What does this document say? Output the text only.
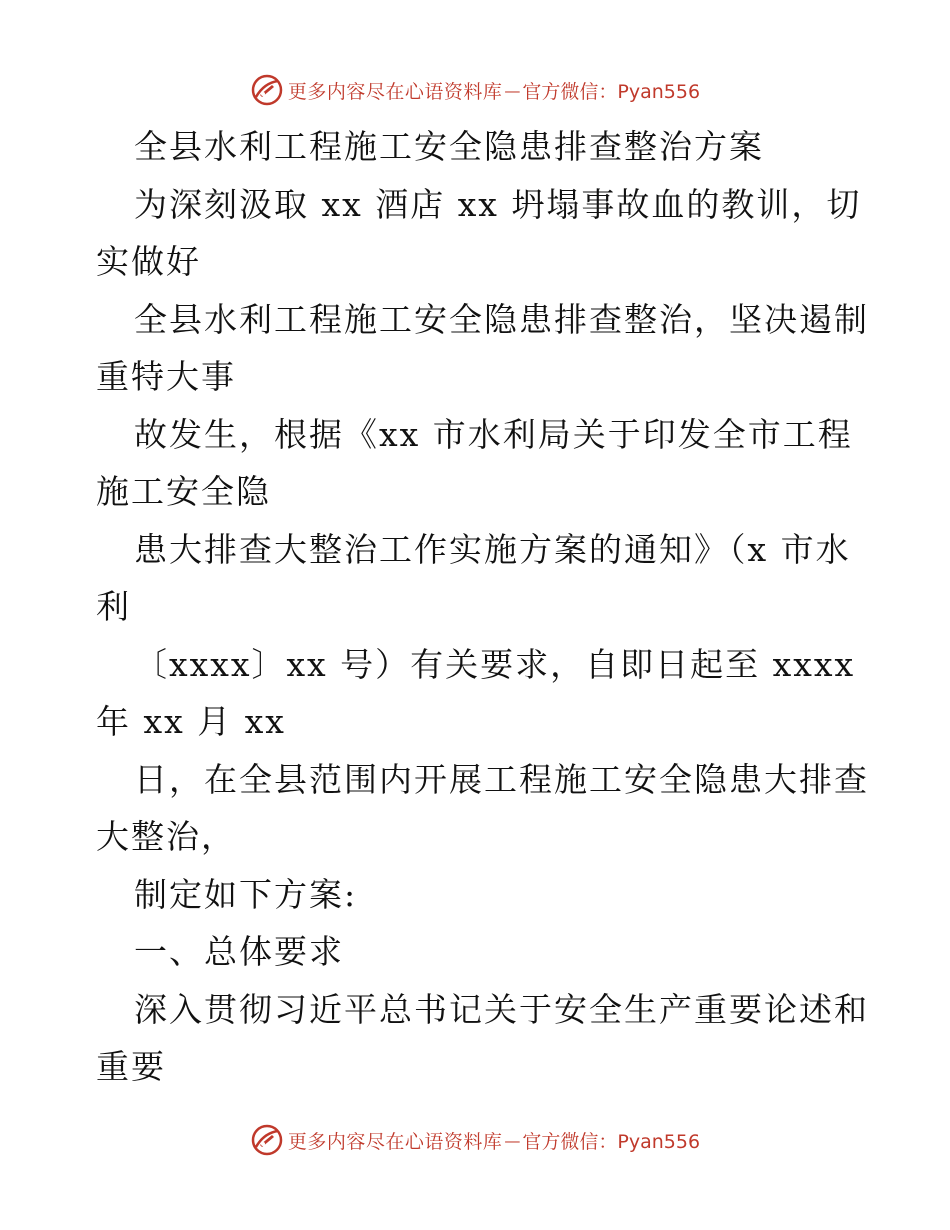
更多内容尽在心语资料库 — 官方微信：Pyan556
全县水利工程施工安全隐患排查整治方案
为深刻汲取 xx 酒店 xx 坍塌事故血的教训，切
实做好
全县水利工程施工安全隐患排查整治，坚决遏制
重特大事
故发生，根据《xx 市水利局关于印发全市工程
施工安全隐
患大排查大整治工作实施方案的通知》（x 市水
利
〔xxxx〕xx 号）有关要求，自即日起至 xxxx
年 xx 月 xx
日，在全县范围内开展工程施工安全隐患大排查
大整治，
制定如下方案:
一、总体要求
深入贯彻习近平总书记关于安全生产重要论述和
重要
更多内容尽在心语资料库 — 官方微信：Pyan556
